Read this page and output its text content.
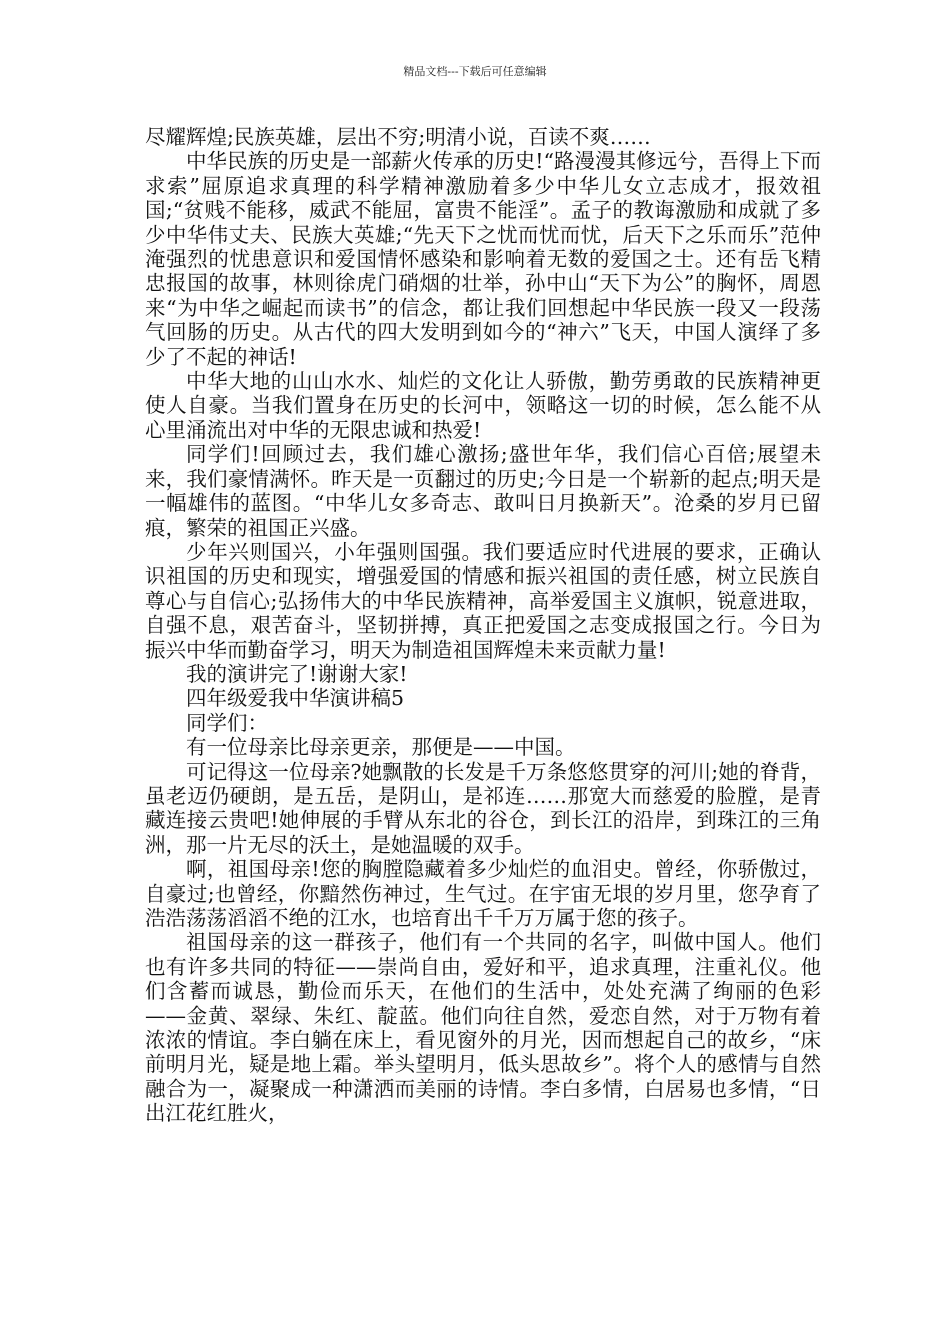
精品文档---下载后可任意编辑

尽耀辉煌;民族英雄，层出不穷;明清小说，百读不爽……

中华民族的历史是一部薪火传承的历史!“路漫漫其修远兮，吾得上下而求索”屈原追求真理的科学精神激励着多少中华儿女立志成才，报效祖国;“贫贱不能移，威武不能屈，富贵不能淫”。孟子的教诲激励和成就了多少中华伟丈夫、民族大英雄;“先天下之忧而忧而忧，后天下之乐而乐”范仲淹强烈的忧患意识和爱国情怀感染和影响着无数的爱国之士。还有岳飞精忠报国的故事，林则徐虎门硝烟的壮举，孙中山“天下为公”的胸怀，周恩来“为中华之崛起而读书”的信念，都让我们回想起中华民族一段又一段荡气回肠的历史。从古代的四大发明到如今的“神六”飞天，中国人演绎了多少了不起的神话!

中华大地的山山水水、灿烂的文化让人骄傲，勤劳勇敢的民族精神更使人自豪。当我们置身在历史的长河中，领略这一切的时候，怎么能不从心里涌流出对中华的无限忠诚和热爱!

同学们!回顾过去，我们雄心激扬;盛世年华，我们信心百倍;展望未来，我们豪情满怀。昨天是一页翻过的历史;今日是一个崭新的起点;明天是一幅雄伟的蓝图。“中华儿女多奇志、敢叫日月换新天”。沧桑的岁月已留痕，繁荣的祖国正兴盛。

少年兴则国兴，小年强则国强。我们要适应时代进展的要求，正确认识祖国的历史和现实，增强爱国的情感和振兴祖国的责任感，树立民族自尊心与自信心;弘扬伟大的中华民族精神，高举爱国主义旗帜，锐意进取，自强不息，艰苦奋斗，坚韧拼搏，真正把爱国之志变成报国之行。今日为振兴中华而勤奋学习，明天为制造祖国辉煌未来贡献力量!

我的演讲完了!谢谢大家!

四年级爱我中华演讲稿5

同学们：

有一位母亲比母亲更亲，那便是——中国。

可记得这一位母亲?她飘散的长发是千万条悠悠贯穿的河川;她的脊背，虽老迈仍硬朗，是五岳，是阴山，是祁连……那宽大而慈爱的脸膛，是青藏连接云贵吧!她伸展的手臂从东北的谷仓，到长江的沿岸，到珠江的三角洲，那一片无尽的沃土，是她温暖的双手。

啊，祖国母亲!您的胸膛隐藏着多少灿烂的血泪史。曾经，你骄傲过，自豪过;也曾经，你黯然伤神过，生气过。在宇宙无垠的岁月里，您孕育了浩浩荡荡滔滔不绝的江水，也培育出千千万万属于您的孩子。

祖国母亲的这一群孩子，他们有一个共同的名字，叫做中国人。他们也有许多共同的特征——崇尚自由，爱好和平，追求真理，注重礼仪。他们含蓄而诚恳，勤俭而乐天，在他们的生活中，处处充满了绚丽的色彩——金黄、翠绿、朱红、靛蓝。他们向往自然，爱恋自然，对于万物有着浓浓的情谊。李白躺在床上，看见窗外的月光，因而想起自己的故乡，“床前明月光，疑是地上霜。举头望明月，低头思故乡”。将个人的感情与自然融合为一，凝聚成一种潇洒而美丽的诗情。李白多情，白居易也多情，“日出江花红胜火，
